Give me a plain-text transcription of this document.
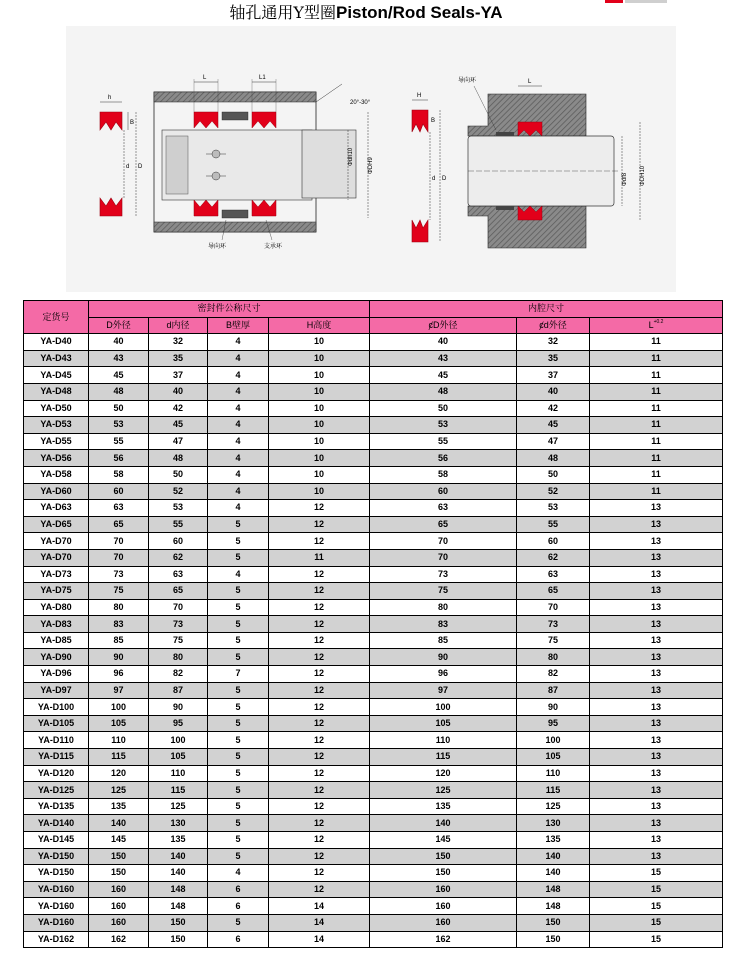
轴孔通用Y型圈Piston/Rod Seals-YA
h
B
d D
L	L1
20°-30°
Φdh10 ΦDH9
导向环	支承环
H
B
d D
L
导向环
Φdf8 ΦDH10
定货号	密封件公称尺寸				内腔尺寸		
	D外径	d内径	B壁厚	H高度	ȼD外径	ȼd外径	$L^{+0.2}$
YA-D40	40	32	4	10	40	32	11
YA-D43	43	35	4	10	43	35	11
YA-D45	45	37	4	10	45	37	11
YA-D48	48	40	4	10	48	40	11
YA-D50	50	42	4	10	50	42	11
YA-D53	53	45	4	10	53	45	11
YA-D55	55	47	4	10	55	47	11
YA-D56	56	48	4	10	56	48	11
YA-D58	58	50	4	10	58	50	11
YA-D60	60	52	4	10	60	52	11
YA-D63	63	53	4	12	63	53	13
YA-D65	65	55	5	12	65	55	13
YA-D70	70	60	5	12	70	60	13
YA-D70	70	62	5	11	70	62	13
YA-D73	73	63	4	12	73	63	13
YA-D75	75	65	5	12	75	65	13
YA-D80	80	70	5	12	80	70	13
YA-D83	83	73	5	12	83	73	13
YA-D85	85	75	5	12	85	75	13
YA-D90	90	80	5	12	90	80	13
YA-D96	96	82	7	12	96	82	13
YA-D97	97	87	5	12	97	87	13
YA-D100	100	90	5	12	100	90	13
YA-D105	105	95	5	12	105	95	13
YA-D110	110	100	5	12	110	100	13
YA-D115	115	105	5	12	115	105	13
YA-D120	120	110	5	12	120	110	13
YA-D125	125	115	5	12	125	115	13
YA-D135	135	125	5	12	135	125	13
YA-D140	140	130	5	12	140	130	13
YA-D145	145	135	5	12	145	135	13
YA-D150	150	140	5	12	150	140	13
YA-D150	150	140	4	12	150	140	15
YA-D160	160	148	6	12	160	148	15
YA-D160	160	148	6	14	160	148	15
YA-D160	160	150	5	14	160	150	15
YA-D162	162	150	6	14	162	150	15
